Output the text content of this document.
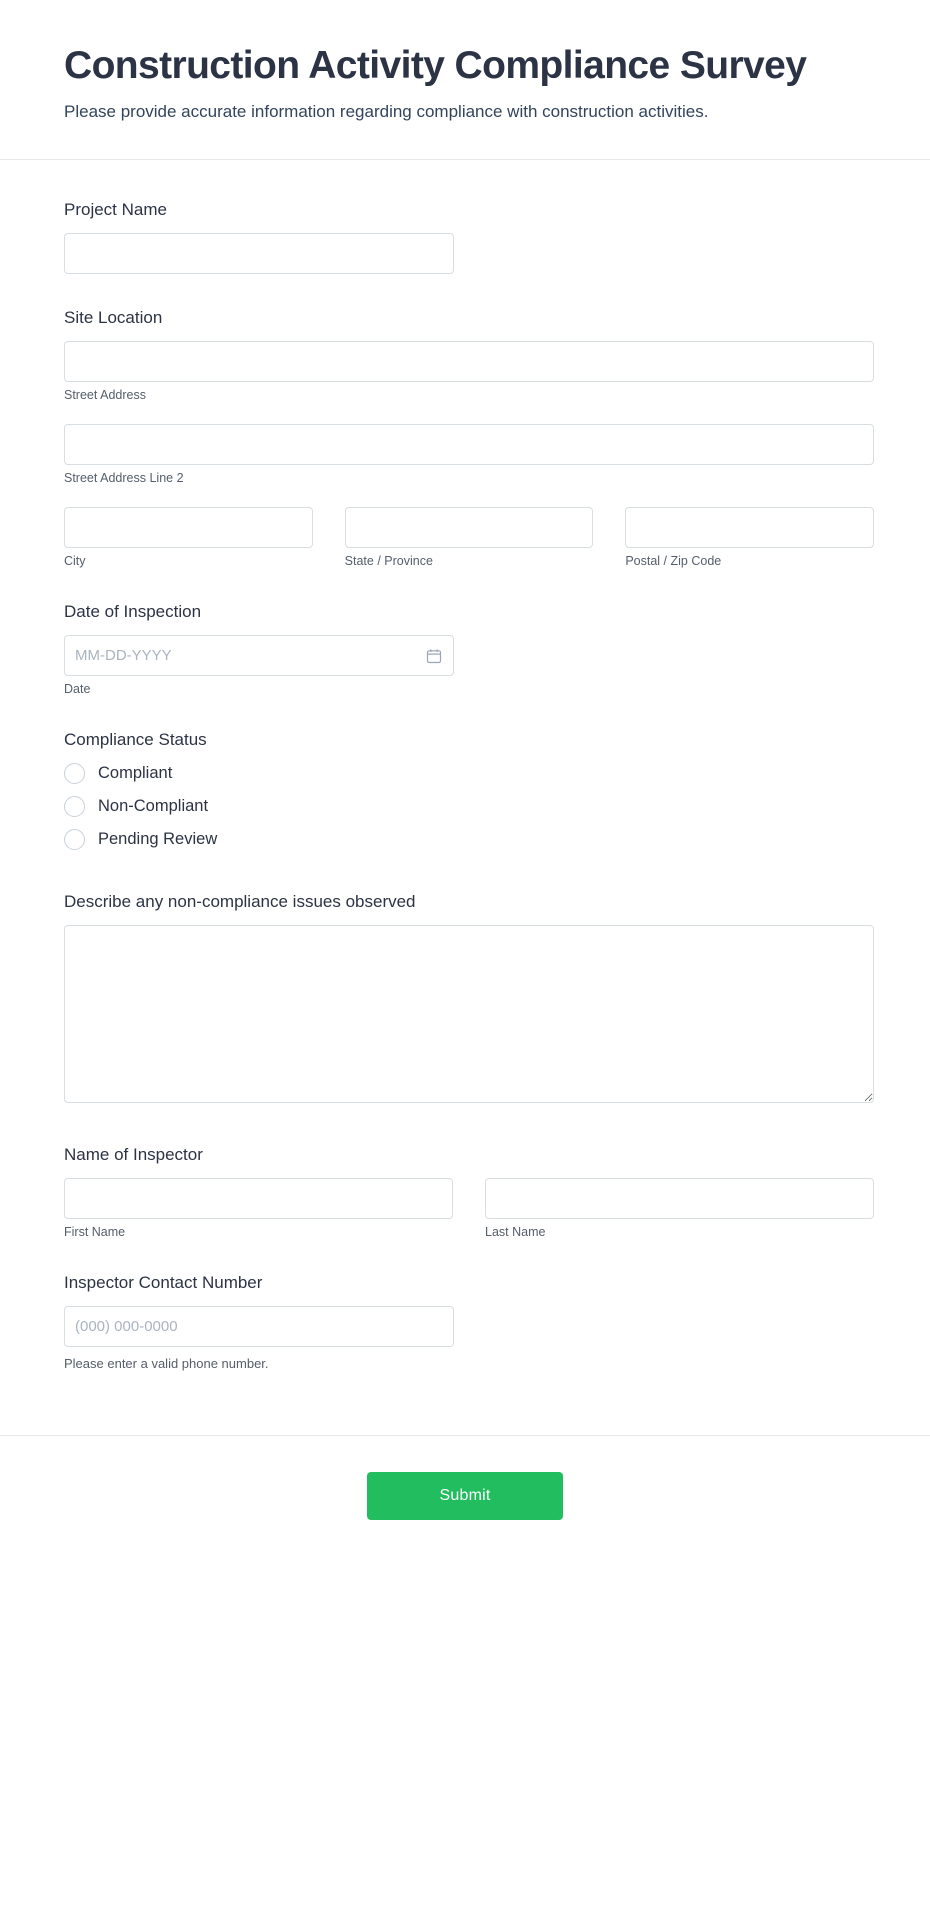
Construction Activity Compliance Survey

Please provide accurate information regarding compliance with construction activities.

Project Name
Site Location
Street Address
Street Address Line 2
City	State / Province	Postal / Zip Code
Date of Inspection
MM-DD-YYYY
Date
Compliance Status
Compliant
Non-Compliant
Pending Review
Describe any non-compliance issues observed
Name of Inspector
First Name	Last Name
Inspector Contact Number
(000) 000-0000
Please enter a valid phone number.
Submit
